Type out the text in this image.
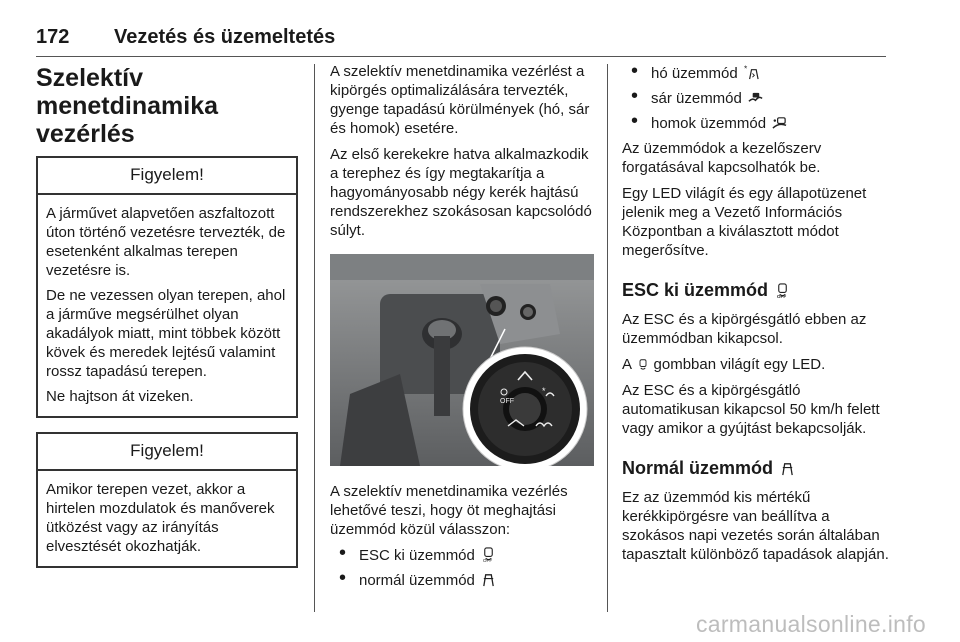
172 Vezetés és üzemeltetés
Szelektív menetdinamika vezérlés
Figyelem!

A járművet alapvetően aszfaltozott úton történő vezetésre tervezték, de esetenként alkalmas terepen vezetésre is.

De ne vezessen olyan terepen, ahol a járműve megsérülhet olyan akadályok miatt, mint többek között kövek és meredek lejtésű valamint rossz tapadású terepen.

Ne hajtson át vizeken.

Figyelem!

Amikor terepen vezet, akkor a hirtelen mozdulatok és manőverek ütközést vagy az irányítás elvesztését okozhatják.

A szelektív menetdinamika vezérlést a kipörgés optimalizálására tervezték, gyenge tapadású körülmények (hó, sár és homok) esetére.

Az első kerekekre hatva alkalmazkodik a terephez és így megtakarítja a hagyományosabb négy kerék hajtású rendszerekhez szokásosan kapcsolódó súlyt.

OFF
*

A szelektív menetdinamika vezérlés lehetővé teszi, hogy öt meghajtási üzemmód közül válasszon:

• ESC ki üzemmód OFF
• normál üzemmód
• hó üzemmód *
• sár üzemmód
• homok üzemmód

Az üzemmódok a kezelőszerv forgatásával kapcsolhatók be.

Egy LED világít és egy állapotüzenet jelenik meg a Vezető Információs Központban a kiválasztott módot megerősítve.

ESC ki üzemmód OFF

Az ESC és a kipörgésgátló ebben az üzemmódban kikapcsol.

A gombban világít egy LED.

Az ESC és a kipörgésgátló automatikusan kikapcsol 50 km/h felett vagy amikor a gyújtást bekapcsolják.

Normál üzemmód

Ez az üzemmód kis mértékű kerékkipörgésre van beállítva a szokásos napi vezetés során általában tapasztalt különböző tapadások alapján.

carmanualsonline.info
